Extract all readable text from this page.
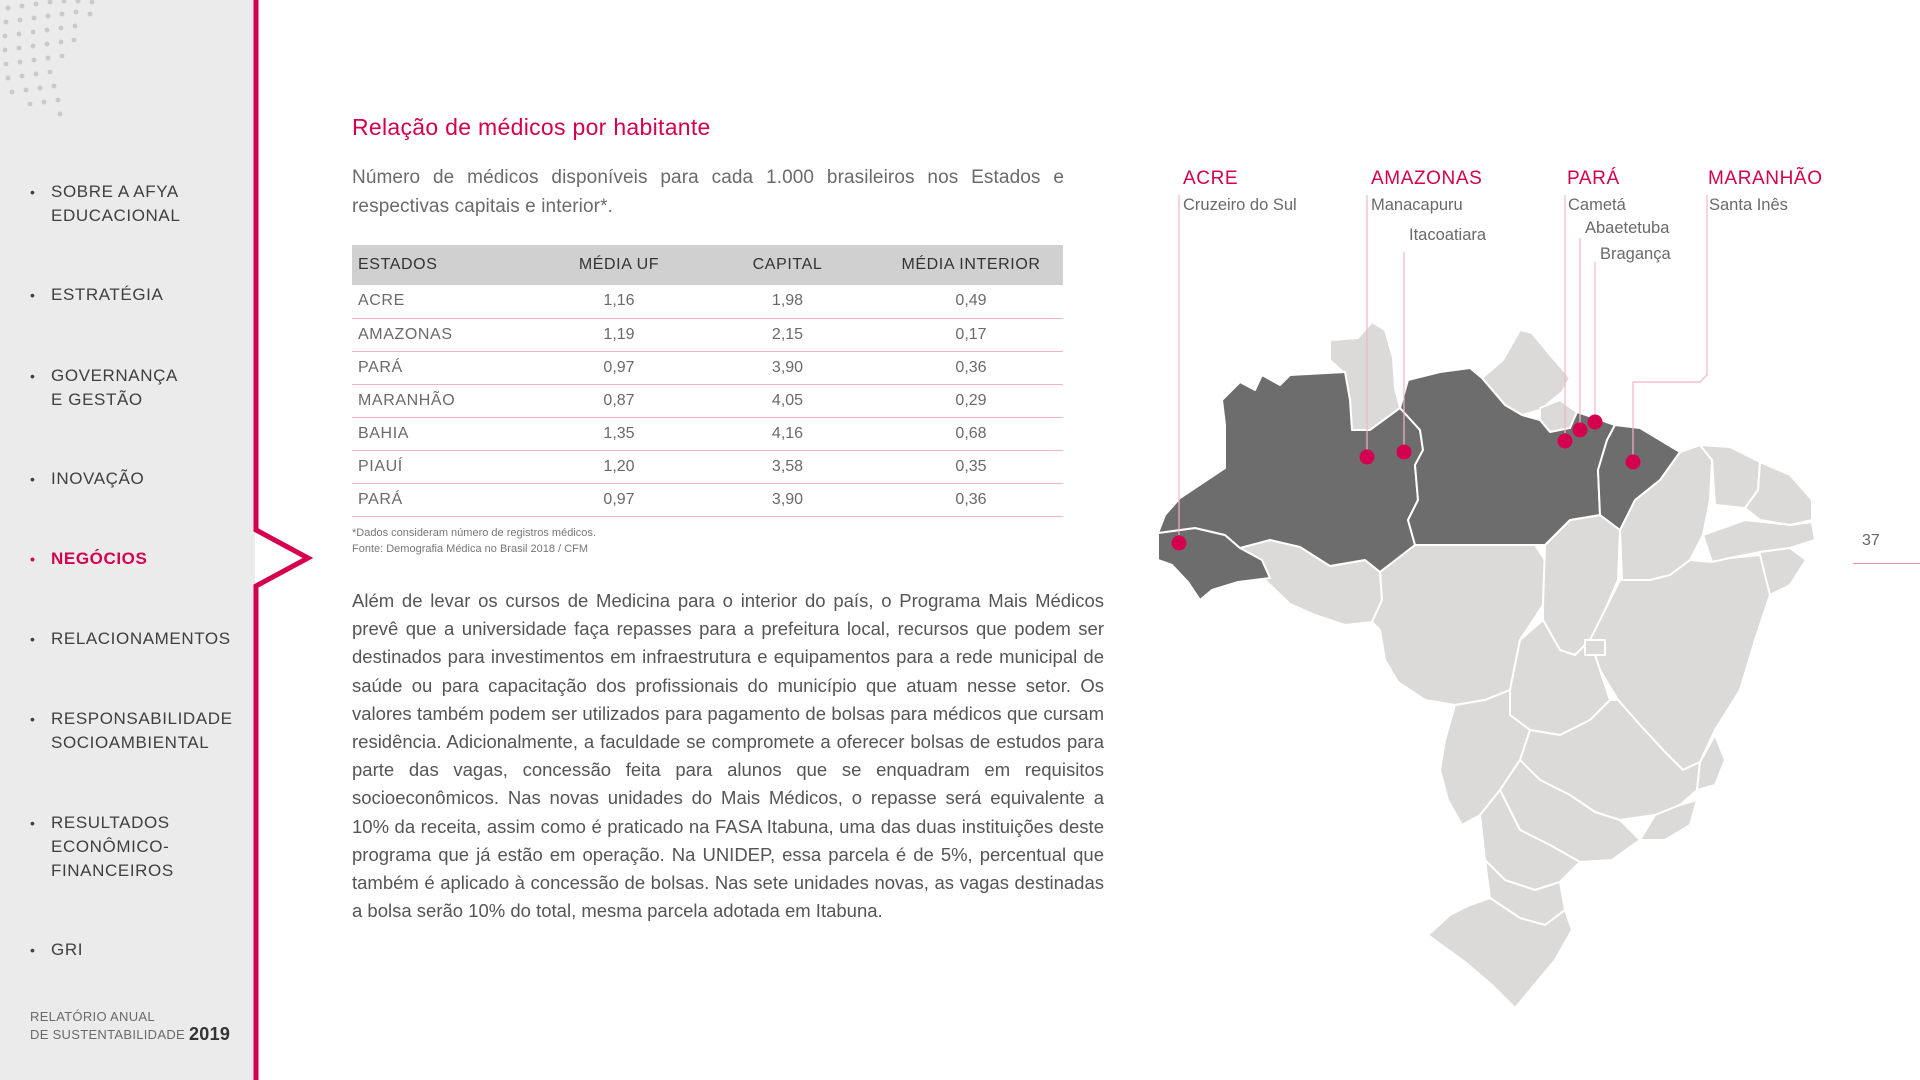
• SOBRE A AFYA
EDUCACIONAL
• ESTRATÉGIA
• GOVERNANÇA
E GESTÃO
• INOVAÇÃO
• NEGÓCIOS
• RELACIONAMENTOS
• RESPONSABILIDADE
SOCIOAMBIENTAL
• RESULTADOS
ECONÔMICO-
FINANCEIROS
• GRI
RELATÓRIO ANUAL
DE SUSTENTABILIDADE 2019
Relação de médicos por habitante
Número de médicos disponíveis para cada 1.000 brasileiros nos Estados e respectivas capitais e interior*.
ESTADOS	MÉDIA UF	CAPITAL	MÉDIA INTERIOR
ACRE	1,16	1,98	0,49
AMAZONAS	1,19	2,15	0,17
PARÁ	0,97	3,90	0,36
MARANHÃO	0,87	4,05	0,29
BAHIA	1,35	4,16	0,68
PIAUÍ	1,20	3,58	0,35
PARÁ	0,97	3,90	0,36
*Dados consideram número de registros médicos.
Fonte: Demografia Médica no Brasil 2018 / CFM
Além de levar os cursos de Medicina para o interior do país, o Programa Mais Médicos prevê que a universidade faça repasses para a prefeitura local, recursos que podem ser destinados para investimentos em infraestrutura e equipamentos para a rede municipal de saúde ou para capacitação dos profissionais do município que atuam nesse setor. Os valores também podem ser utilizados para pagamento de bolsas para médicos que cursam residência. Adicionalmente, a faculdade se compromete a oferecer bolsas de estudos para parte das vagas, concessão feita para alunos que se enquadram em requisitos socioeconômicos. Nas novas unidades do Mais Médicos, o repasse será equivalente a 10% da receita, assim como é praticado na FASA Itabuna, uma das duas instituições deste programa que já estão em operação. Na UNIDEP, essa parcela é de 5%, percentual que também é aplicado à concessão de bolsas. Nas sete unidades novas, as vagas destinadas a bolsa serão 10% do total, mesma parcela adotada em Itabuna.
37
ACRE	AMAZONAS	PARÁ	MARANHÃO
Cruzeiro do Sul	Manacapuru
Itacoatiara
Cametá
Abaetetuba
Bragança
Santa Inês
